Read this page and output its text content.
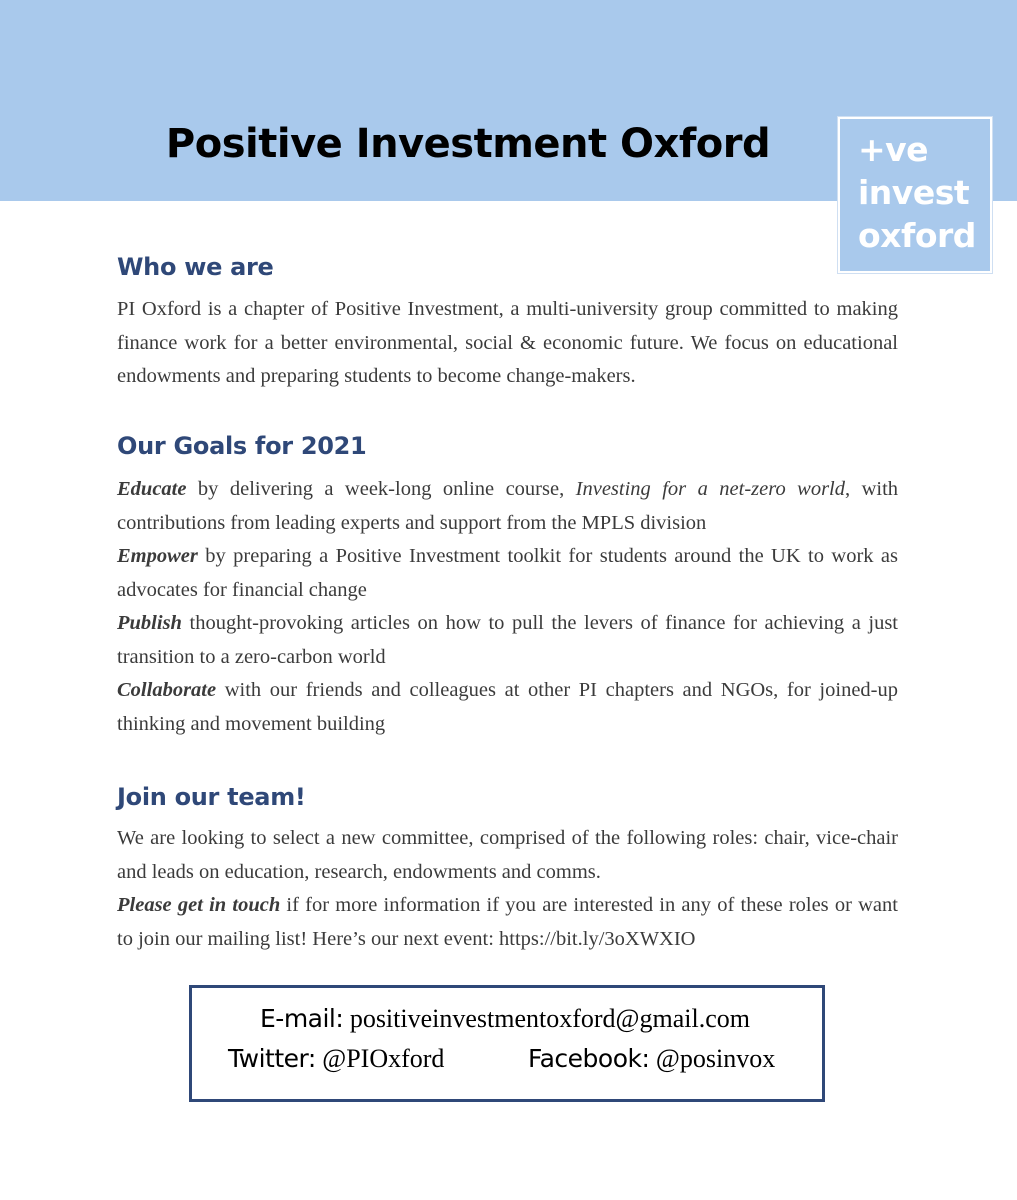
Positive Investment Oxford	+ve
invest
oxford
Who we are

PI Oxford is a chapter of Positive Investment, a multi-university group committed to making finance work for a better environmental, social & economic future. We focus on educational endowments and preparing students to become change-makers.

Our Goals for 2021

Educate by delivering a week-long online course, Investing for a net-zero world, with contributions from leading experts and support from the MPLS division

Empower by preparing a Positive Investment toolkit for students around the UK to work as advocates for financial change

Publish thought-provoking articles on how to pull the levers of finance for achieving a just transition to a zero-carbon world

Collaborate with our friends and colleagues at other PI chapters and NGOs, for joined-up thinking and movement building

Join our team!

We are looking to select a new committee, comprised of the following roles: chair, vice-chair and leads on education, research, endowments and comms.

Please get in touch if for more information if you are interested in any of these roles or want to join our mailing list! Here’s our next event: https://bit.ly/3oXWXIO

E-mail: positiveinvestmentoxford@gmail.com
Twitter: @PIOxford	Facebook: @posinvox
